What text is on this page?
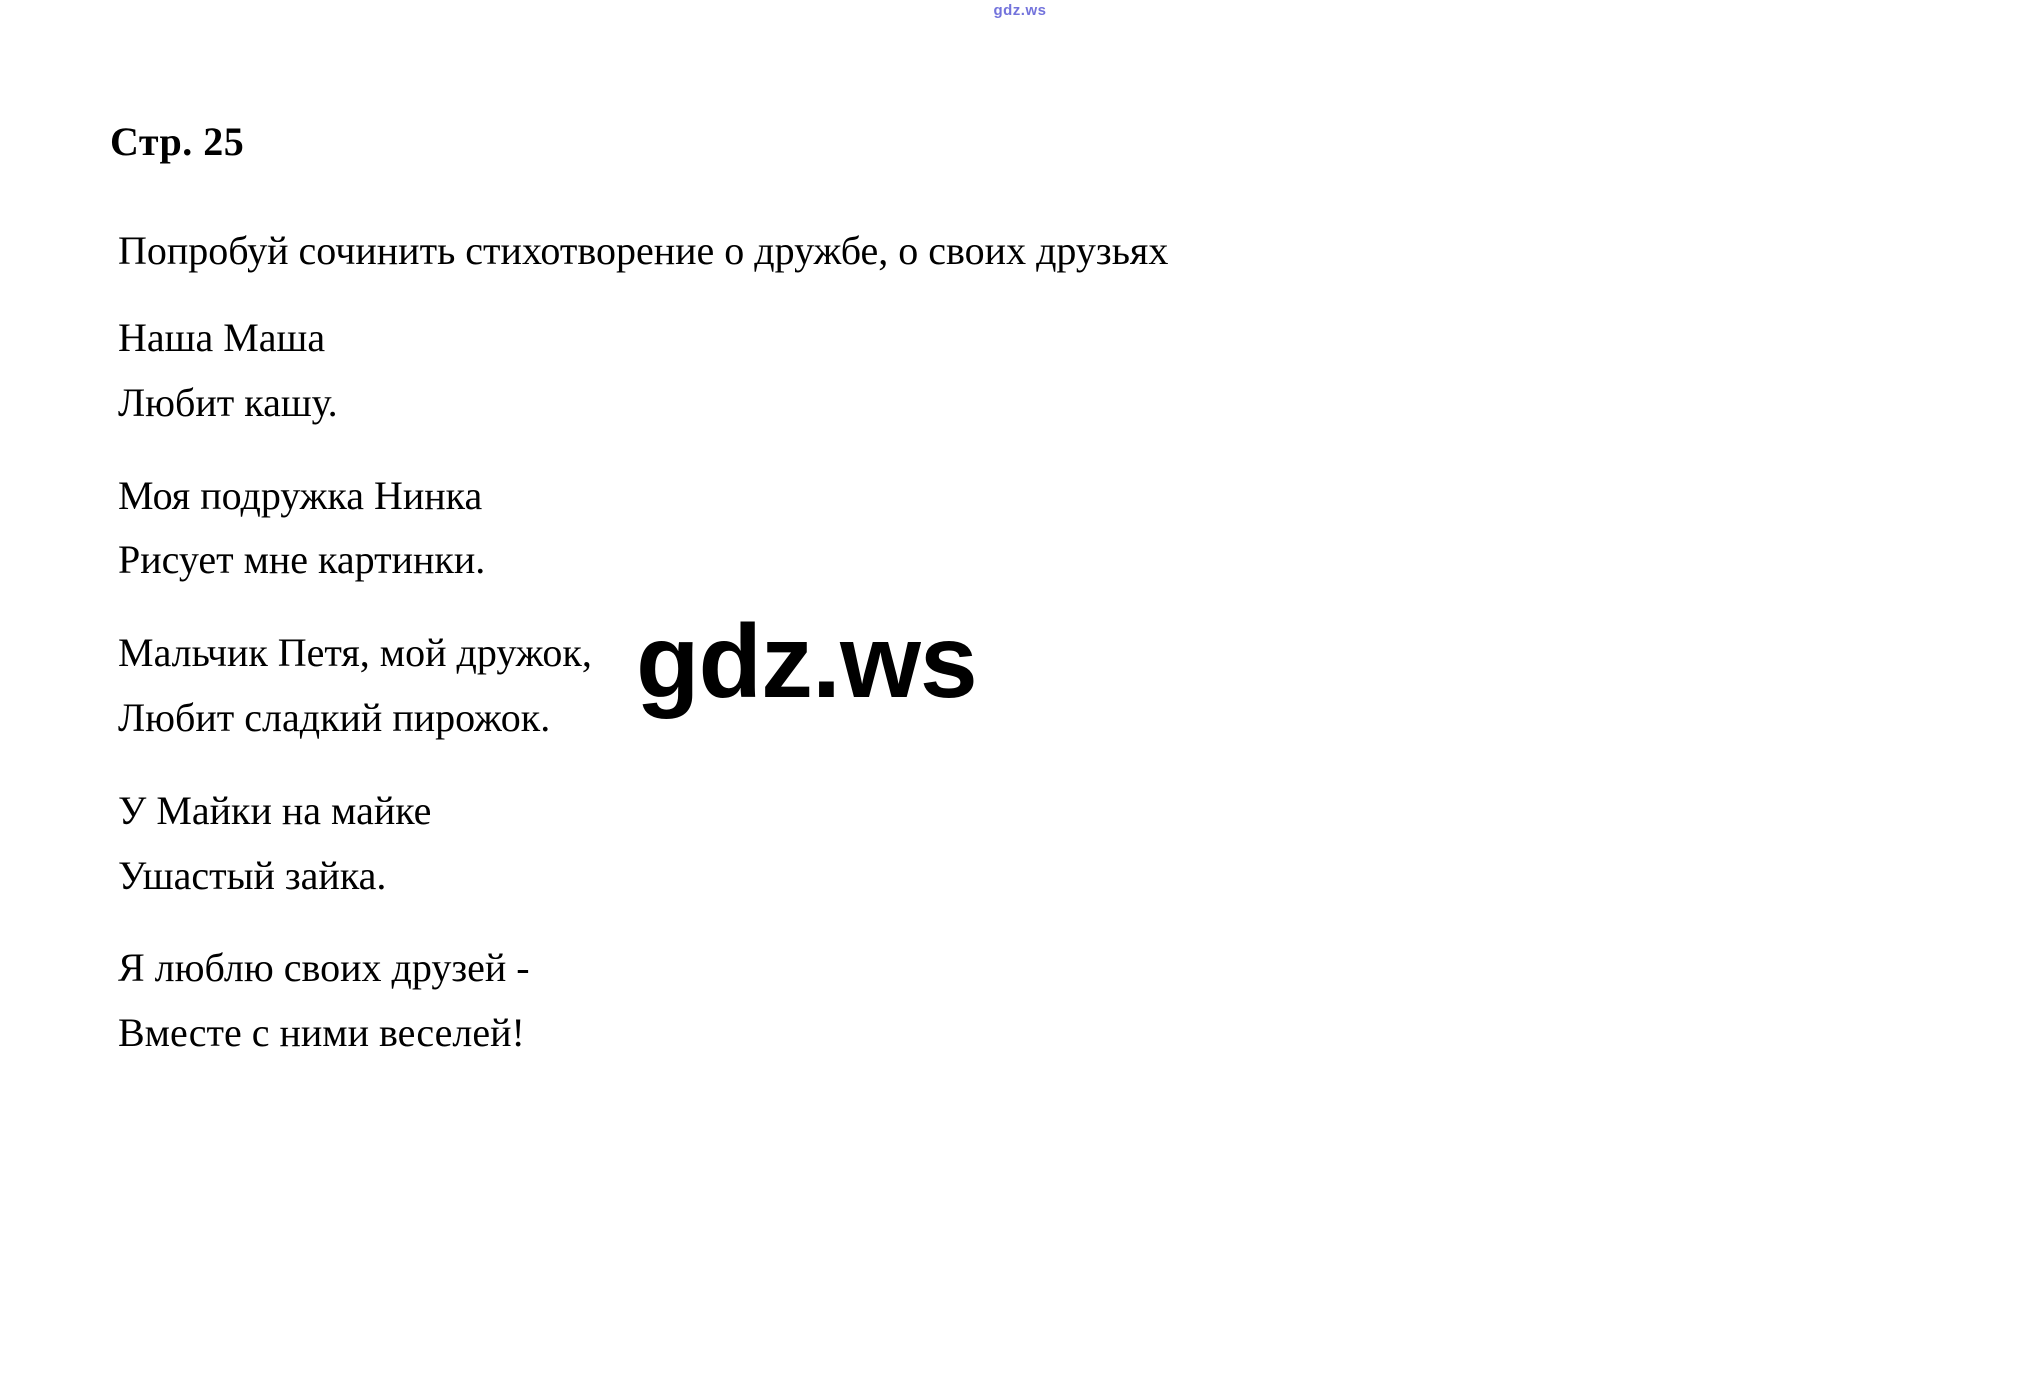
gdz.ws
Стр. 25

Попробуй сочинить стихотворение о дружбе, о своих друзьях

Наша Маша
Любит кашу.
Моя подружка Нинка
Рисует мне картинки.
Мальчик Петя, мой дружок,
Любит сладкий пирожок.
У Майки на майке
Ушастый зайка.
Я люблю своих друзей -
Вместе с ними веселей!
gdz.ws
